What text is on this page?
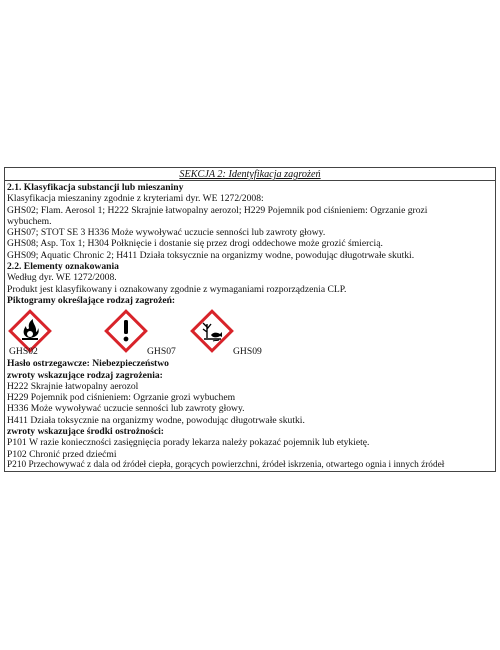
SEKCJA 2: Identyfikacja zagrożeń
2.1. Klasyfikacja substancji lub mieszaniny
Klasyfikacja mieszaniny zgodnie z kryteriami dyr. WE 1272/2008:
GHS02; Flam. Aerosol 1; H222 Skrajnie łatwopalny aerozol; H229 Pojemnik pod ciśnieniem: Ogrzanie grozi
wybuchem.
GHS07; STOT SE 3 H336 Może wywoływać uczucie senności lub zawroty głowy.
GHS08; Asp. Tox 1; H304 Połknięcie i dostanie się przez drogi oddechowe może grozić śmiercią.
GHS09; Aquatic Chronic 2; H411 Działa toksycznie na organizmy wodne, powodując długotrwałe skutki.
2.2. Elementy oznakowania
Według dyr. WE 1272/2008.
Produkt jest klasyfikowany i oznakowany zgodnie z wymaganiami rozporządzenia CLP.
Piktogramy określające rodzaj zagrożeń:
GHS02	GHS07	GHS09
Hasło ostrzegawcze: Niebezpieczeństwo
zwroty wskazujące rodzaj zagrożenia:
H222 Skrajnie łatwopalny aerozol
H229 Pojemnik pod ciśnieniem: Ogrzanie grozi wybuchem
H336 Może wywoływać uczucie senności lub zawroty głowy.
H411 Działa toksycznie na organizmy wodne, powodując długotrwałe skutki.
zwroty wskazujące środki ostrożności:
P101 W razie konieczności zasięgnięcia porady lekarza należy pokazać pojemnik lub etykietę.
P102 Chronić przed dziećmi
P210 Przechowywać z dala od źródeł ciepła, gorących powierzchni, źródeł iskrzenia, otwartego ognia i innych źródeł
